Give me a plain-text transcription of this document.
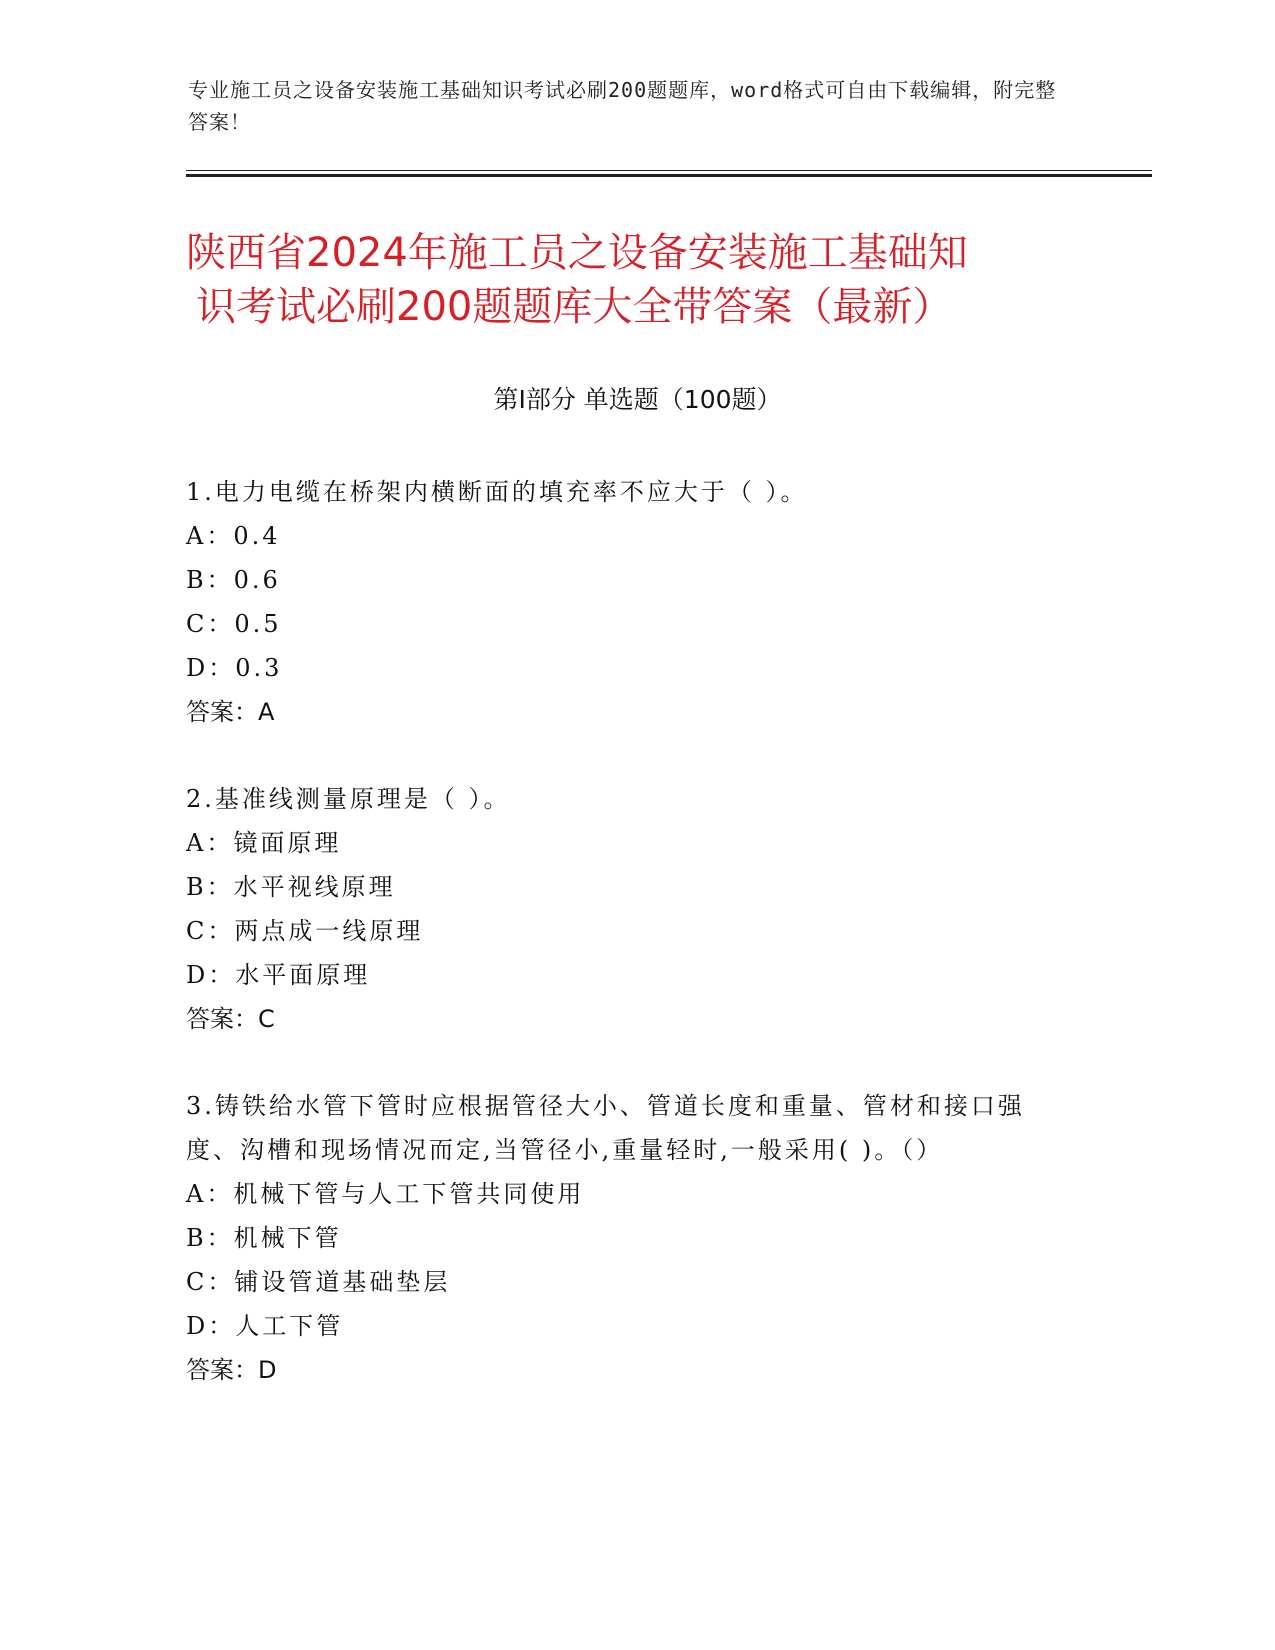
专业施工员之设备安装施工基础知识考试必刷200题题库，word格式可自由下载编辑，附完整答案！
陕西省2024年施工员之设备安装施工基础知
识考试必刷200题题库大全带答案（最新）
第Ⅰ部分 单选题（100题）
1.电力电缆在桥架内横断面的填充率不应大于（ ）。
A：0.4
B：0.6
C：0.5
D：0.3
答案：A
2.基准线测量原理是（ ）。
A：镜面原理
B：水平视线原理
C：两点成一线原理
D：水平面原理
答案：C
3.铸铁给水管下管时应根据管径大小、管道长度和重量、管材和接口强度、沟槽和现场情况而定,当管径小,重量轻时,一般采用( )。（）
A：机械下管与人工下管共同使用
B：机械下管
C：铺设管道基础垫层
D：人工下管
答案：D
